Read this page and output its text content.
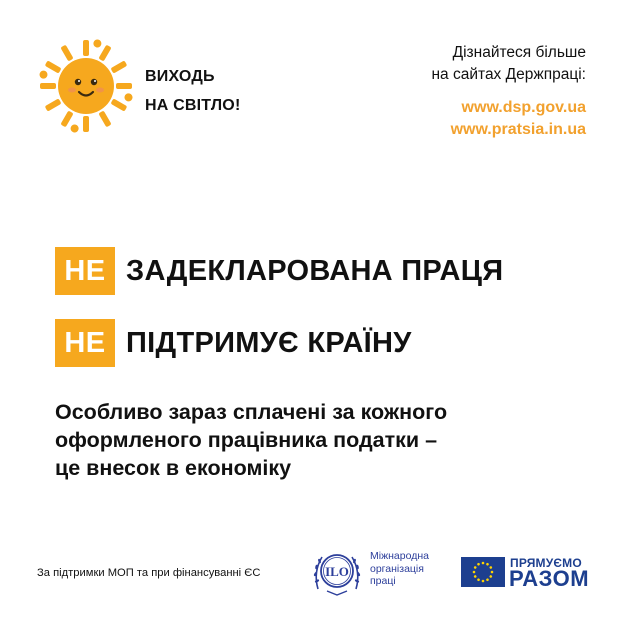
ВИХОДЬ
НА СВІТЛО!
Дізнайтеся більше
на сайтах Держпраці:
www.dsp.gov.ua
www.pratsia.in.ua
НЕ ЗАДЕКЛАРОВАНА ПРАЦЯ
НЕ ПІДТРИМУЄ КРАЇНУ
Особливо зараз сплачені за кожного
оформленого працівника податки –
це внесок в економіку
За підтримки МОП та при фінансуванні ЄС	ILO
Міжнародна
організація
праці
ПРЯМУЄМО
РАЗОМ
